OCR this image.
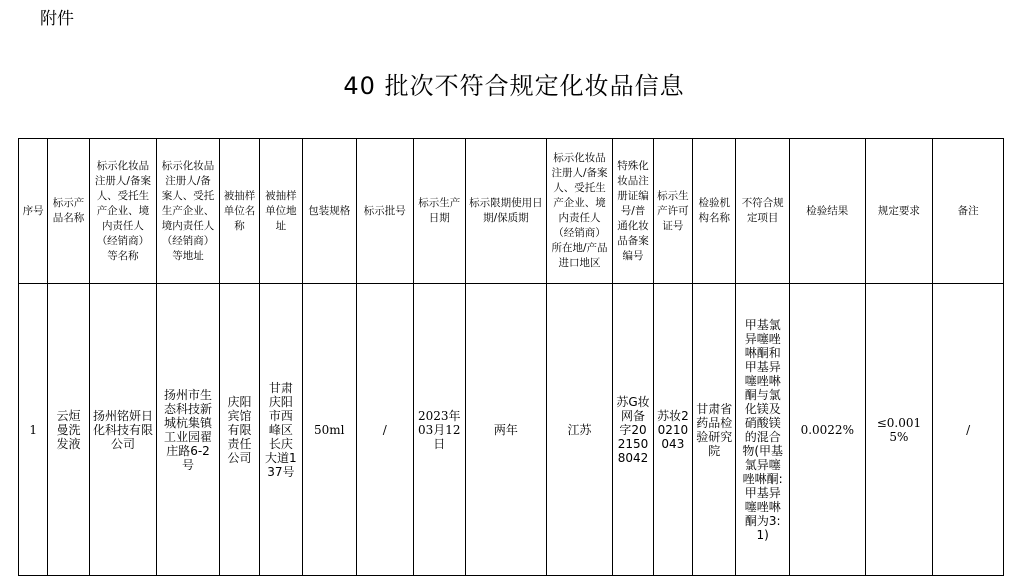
附件
40 批次不符合规定化妆品信息
序号	标示产品名称	标示化妆品注册人/备案人、受托生产企业、境内责任人（经销商）等名称	标示化妆品注册人/备案人、受托生产企业、境内责任人（经销商）等地址	被抽样单位名称	被抽样单位地址	包装规格	标示批号	标示生产日期	标示限期使用日期/保质期	标示化妆品注册人/备案人、受托生产企业、境内责任人（经销商）所在地/产品进口地区	特殊化妆品注册证编号/普通化妆品备案编号	标示生产许可证号	检验机构名称	不符合规定项目	检验结果	规定要求	备注
1	云烜曼洗发液	扬州铭妍日化科技有限公司	扬州市生态科技新城杭集镇工业园翟庄路6-2号	庆阳宾馆有限责任公司	甘肃庆阳市西峰区长庆大道137号	50ml	/	2023年03月12日	两年	江苏	苏G妆网备字2021508042	苏妆20210043	甘肃省药品检验研究院	甲基氯异噻唑啉酮和甲基异噻唑啉酮与氯化镁及硝酸镁的混合物(甲基氯异噻唑啉酮:甲基异噻唑啉酮为3:1)	0.0022%	≤0.0015%	/
